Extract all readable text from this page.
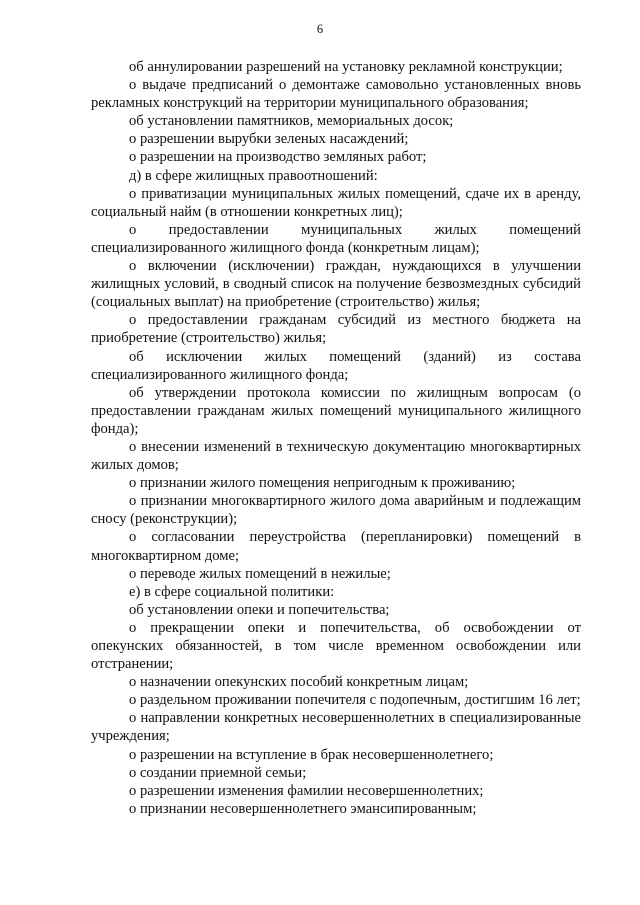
6

об аннулировании разрешений на установку рекламной конструкции;

о выдаче предписаний о демонтаже самовольно установленных вновь рекламных конструкций на территории муниципального образования;

об установлении памятников, мемориальных досок;

о разрешении вырубки зеленых насаждений;

о разрешении на производство земляных работ;

д) в сфере жилищных правоотношений:

о приватизации муниципальных жилых помещений, сдаче их в аренду, социальный найм (в отношении конкретных лиц);

о предоставлении муниципальных жилых помещений специализированного жилищного фонда (конкретным лицам);

о включении (исключении) граждан, нуждающихся в улучшении жилищных условий, в сводный список на получение безвозмездных субсидий (социальных выплат) на приобретение (строительство) жилья;

о предоставлении гражданам субсидий из местного бюджета на приобретение (строительство) жилья;

об исключении жилых помещений (зданий) из состава специализированного жилищного фонда;

об утверждении протокола комиссии по жилищным вопросам (о предоставлении гражданам жилых помещений муниципального жилищного фонда);

о внесении изменений в техническую документацию многоквартирных жилых домов;

о признании жилого помещения непригодным к проживанию;

о признании многоквартирного жилого дома аварийным и подлежащим сносу (реконструкции);

о согласовании переустройства (перепланировки) помещений в многоквартирном доме;

о переводе жилых помещений в нежилые;

е) в сфере социальной политики:

об установлении опеки и попечительства;

о прекращении опеки и попечительства, об освобождении от опекунских обязанностей, в том числе временном освобождении или отстранении;

о назначении опекунских пособий конкретным лицам;

о раздельном проживании попечителя с подопечным, достигшим 16 лет;

о направлении конкретных несовершеннолетних в специализированные учреждения;

о разрешении на вступление в брак несовершеннолетнего;

о создании приемной семьи;

о разрешении изменения фамилии несовершеннолетних;

о признании несовершеннолетнего эмансипированным;
